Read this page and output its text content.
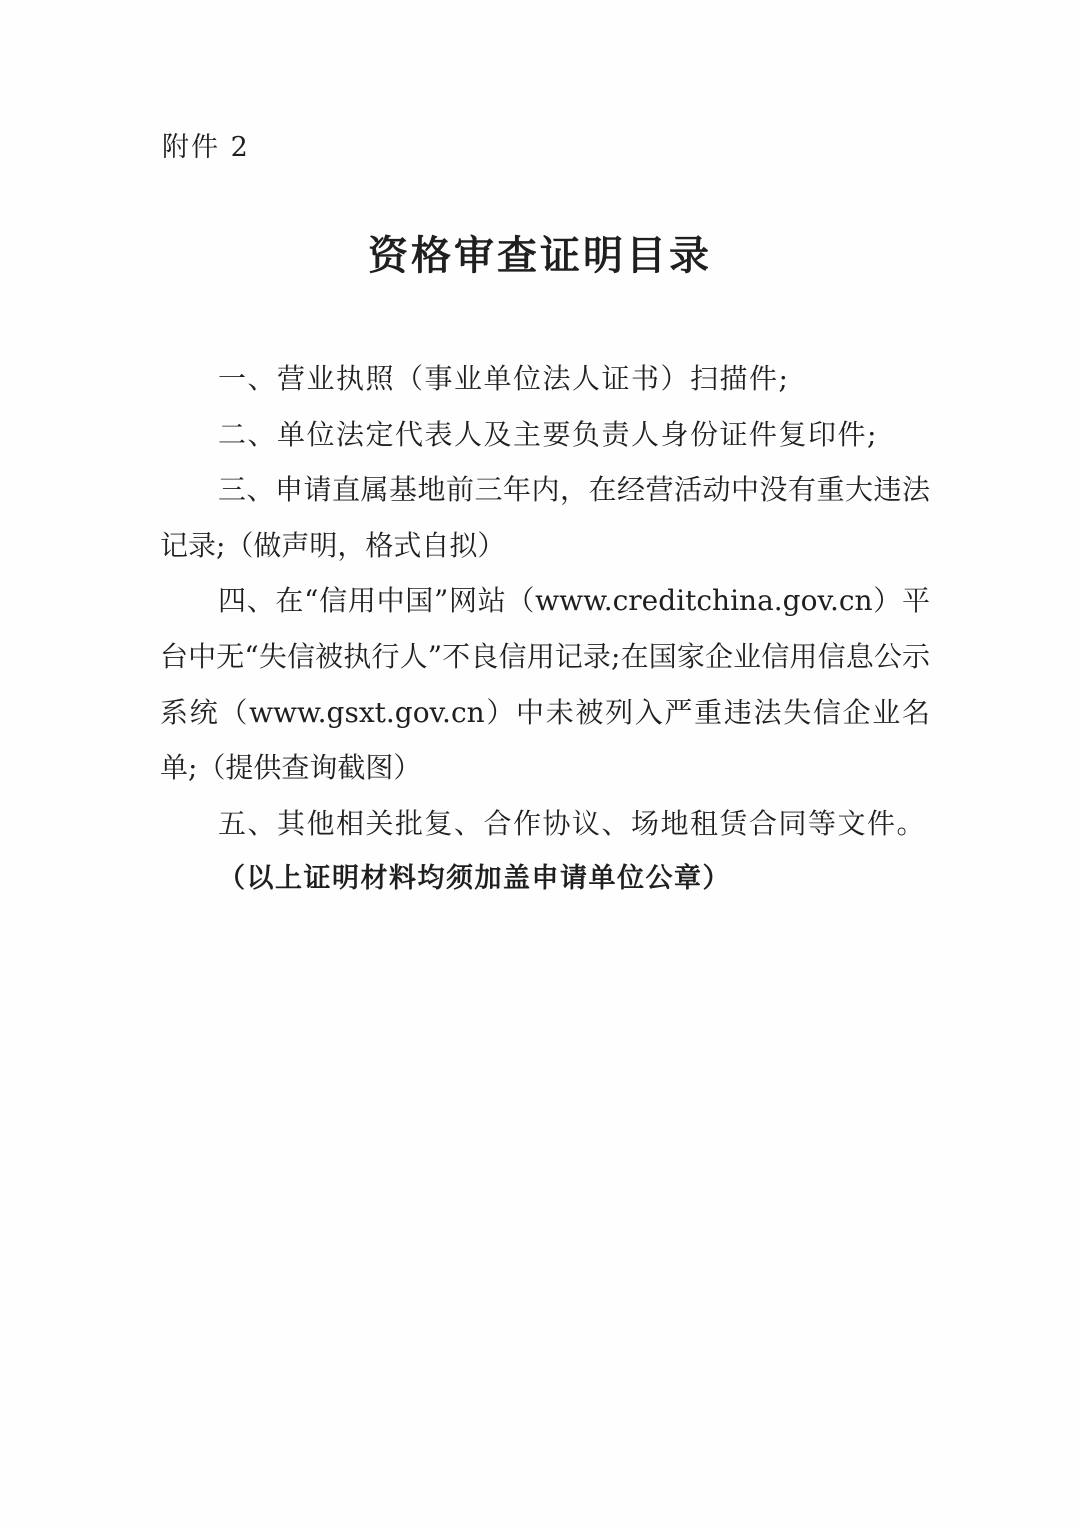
附件 2
资格审查证明目录

一、营业执照（事业单位法人证书）扫描件;

二、单位法定代表人及主要负责人身份证件复印件;

三、申请直属基地前三年内，在经营活动中没有重大违法记录;（做声明，格式自拟）

四、在“信用中国”网站（www.creditchina.gov.cn）平台中无“失信被执行人”不良信用记录;在国家企业信用信息公示系统（www.gsxt.gov.cn）中未被列入严重违法失信企业名单;（提供查询截图）

五、其他相关批复、合作协议、场地租赁合同等文件。

（以上证明材料均须加盖申请单位公章）
